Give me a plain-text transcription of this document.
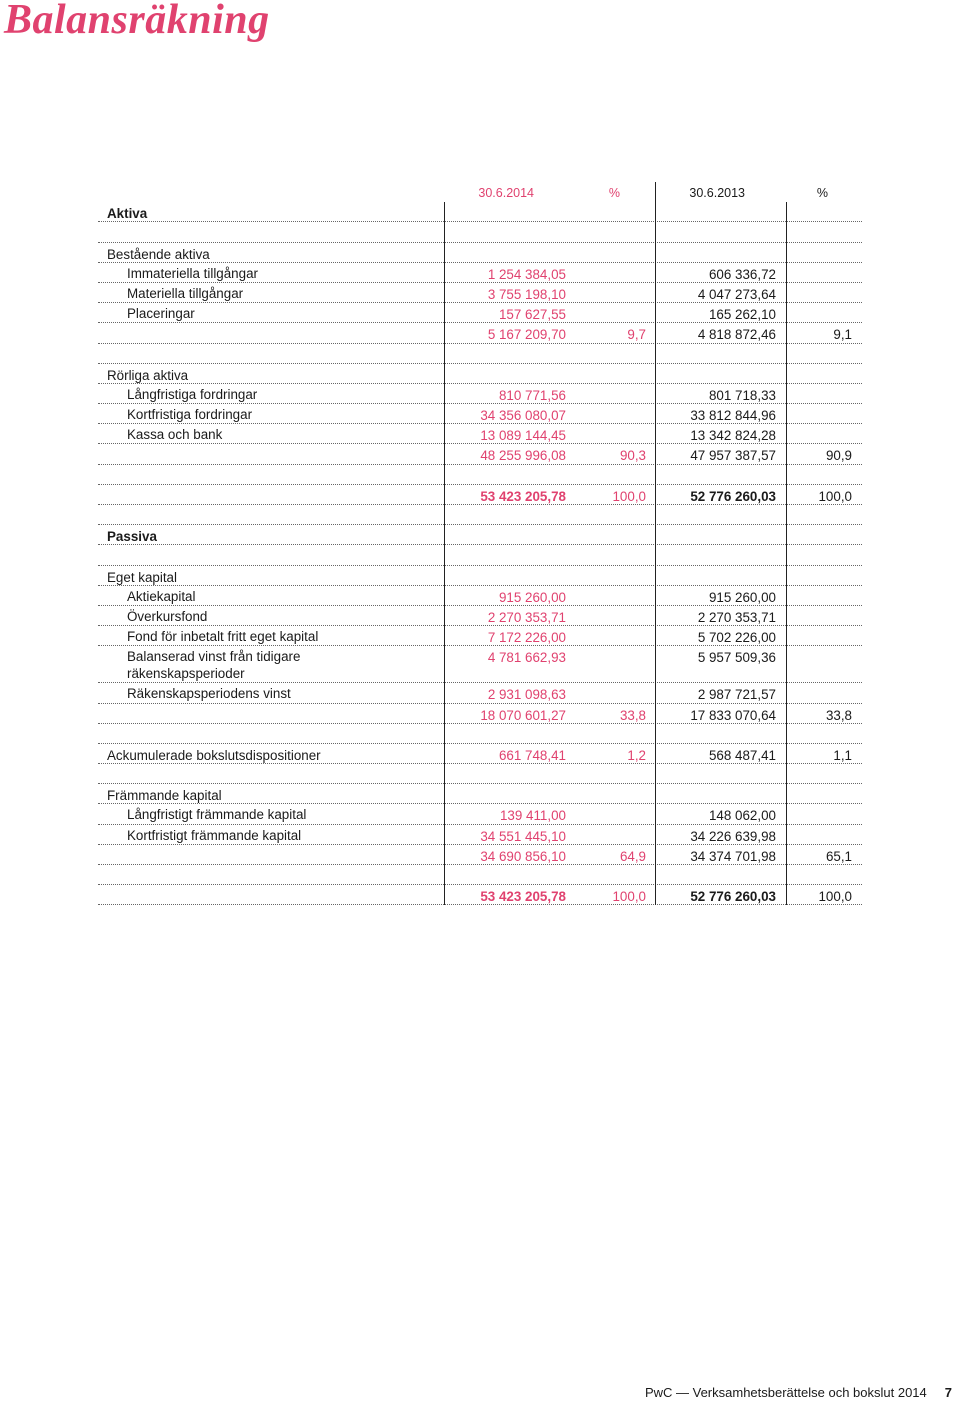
Balansräkning
30.6.2014	%	30.6.2013	%
Aktiva
Bestående aktiva
Immateriella tillgångar	1 254 384,05	606 336,72
Materiella tillgångar	3 755 198,10	4 047 273,64
Placeringar	157 627,55	165 262,10
5 167 209,70	9,7	4 818 872,46	9,1
Rörliga aktiva
Långfristiga fordringar	810 771,56	801 718,33
Kortfristiga fordringar	34 356 080,07	33 812 844,96
Kassa och bank	13 089 144,45	13 342 824,28
48 255 996,08	90,3	47 957 387,57	90,9
53 423 205,78	100,0	52 776 260,03	100,0
Passiva
Eget kapital
Aktiekapital	915 260,00	915 260,00
Överkursfond	2 270 353,71	2 270 353,71
Fond för inbetalt fritt eget kapital	7 172 226,00	5 702 226,00
Balanserad vinst från tidigare räkenskapsperioder
4 781 662,93	5 957 509,36
Räkenskapsperiodens vinst	2 931 098,63	2 987 721,57
18 070 601,27	33,8	17 833 070,64	33,8
Ackumulerade bokslutsdispositioner	661 748,41	1,2	568 487,41	1,1
Främmande kapital
Långfristigt främmande kapital	139 411,00	148 062,00
Kortfristigt främmande kapital	34 551 445,10	34 226 639,98
34 690 856,10	64,9	34 374 701,98	65,1
53 423 205,78	100,0	52 776 260,03	100,0
PwC — Verksamhetsberättelse och bokslut 2014 7
